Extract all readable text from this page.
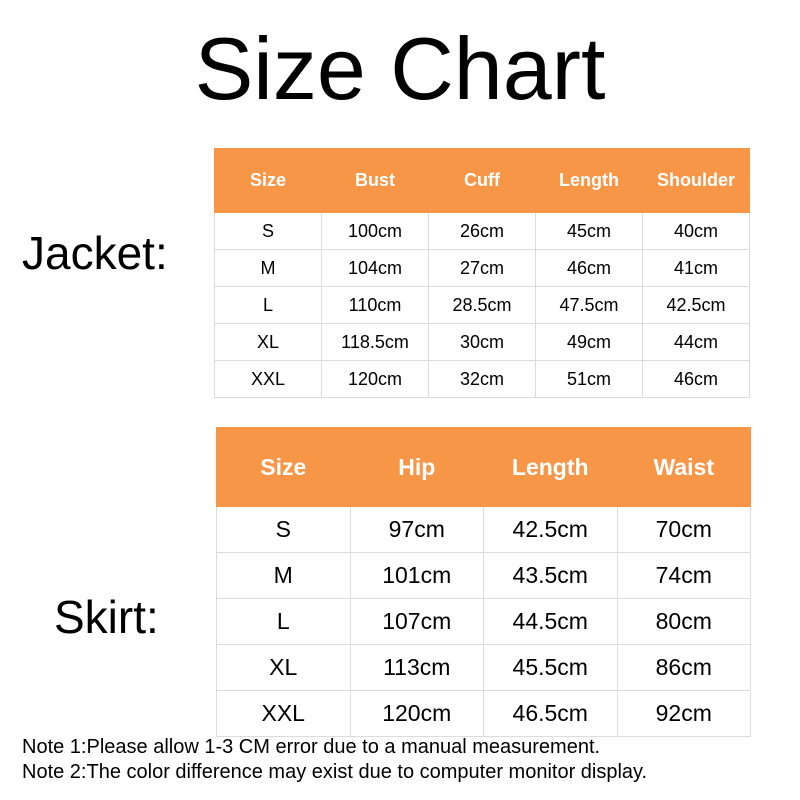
Size Chart
Jacket:
Size	Bust	Cuff	Length	Shoulder
S	100cm	26cm	45cm	40cm
M	104cm	27cm	46cm	41cm
L	110cm	28.5cm	47.5cm	42.5cm
XL	118.5cm	30cm	49cm	44cm
XXL	120cm	32cm	51cm	46cm
Skirt:
Size	Hip	Length	Waist
S	97cm	42.5cm	70cm
M	101cm	43.5cm	74cm
L	107cm	44.5cm	80cm
XL	113cm	45.5cm	86cm
XXL	120cm	46.5cm	92cm
Note 1:Please allow 1-3 CM error due to a manual measurement.
Note 2:The color difference may exist due to computer monitor display.
